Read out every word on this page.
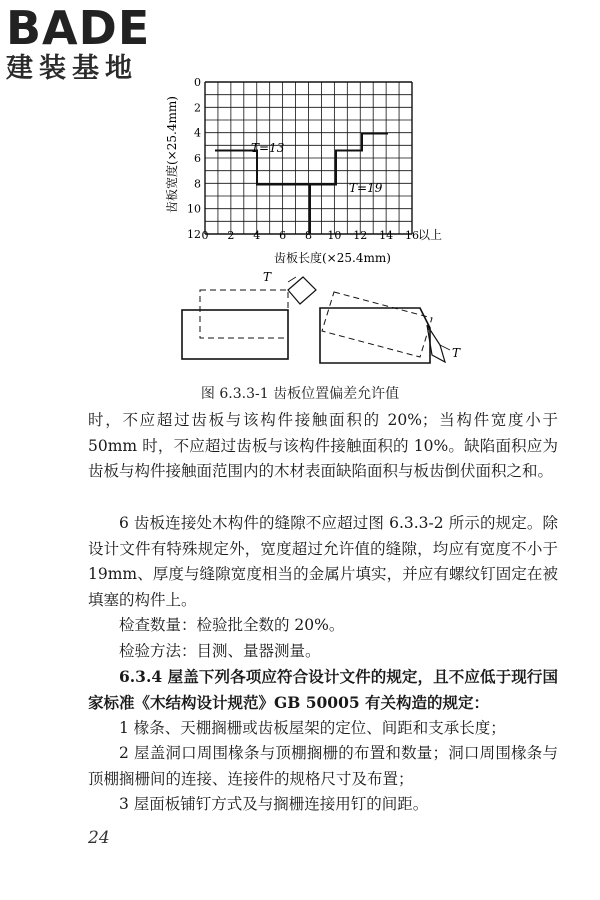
BADE
建装基地
0 2 4 6 8 10 12 14 16
0
2
4
6
8
10
12
T=13
T=19
以上
齿板长度(×25.4mm)
齿板宽度(×25.4mm)
T
T
图 6.3.3-1 齿板位置偏差允许值

时，不应超过齿板与该构件接触面积的 20%；当构件宽度小于 50mm 时，不应超过齿板与该构件接触面积的 10%。缺陷面积应为齿板与构件接触面范围内的木材表面缺陷面积与板齿倒伏面积之和。

6 齿板连接处木构件的缝隙不应超过图 6.3.3-2 所示的规定。除设计文件有特殊规定外，宽度超过允许值的缝隙，均应有宽度不小于 19mm、厚度与缝隙宽度相当的金属片填实，并应有螺纹钉固定在被填塞的构件上。

检查数量：检验批全数的 20%。

检验方法：目测、量器测量。

6.3.4 屋盖下列各项应符合设计文件的规定，且不应低于现行国家标准《木结构设计规范》GB 50005 有关构造的规定：

1 椽条、天棚搁栅或齿板屋架的定位、间距和支承长度；

2 屋盖洞口周围椽条与顶棚搁栅的布置和数量；洞口周围椽条与顶棚搁栅间的连接、连接件的规格尺寸及布置；

3 屋面板铺钉方式及与搁栅连接用钉的间距。

24
